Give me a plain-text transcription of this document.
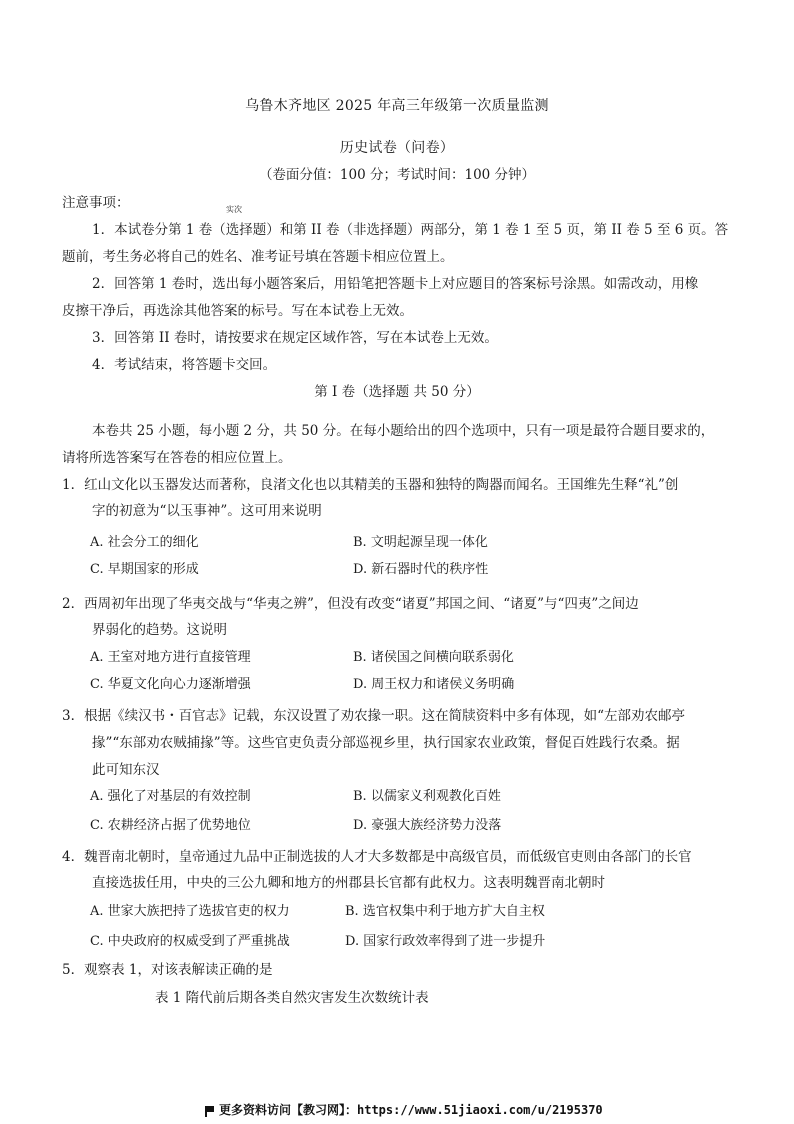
乌鲁木齐地区 2025 年高三年级第一次质量监测
历史试卷（问卷）
（卷面分值：100 分；考试时间：100 分钟）
注意事项：	实次
1．本试卷分第 1 卷（选择题）和第 II 卷（非选择题）两部分，第 1 卷 1 至 5 页，第 II 卷 5 至 6 页。答
题前，考生务必将自己的姓名、准考证号填在答题卡相应位置上。
2．回答第 1 卷时，选出每小题答案后，用铅笔把答题卡上对应题目的答案标号涂黑。如需改动，用橡
皮擦干净后，再选涂其他答案的标号。写在本试卷上无效。
3．回答第 II 卷时，请按要求在规定区域作答，写在本试卷上无效。
4．考试结束，将答题卡交回。
第 I 卷（选择题 共 50 分）
本卷共 25 小题，每小题 2 分，共 50 分。在每小题给出的四个选项中，只有一项是最符合题目要求的，
请将所选答案写在答卷的相应位置上。
1．红山文化以玉器发达而著称，良渚文化也以其精美的玉器和独特的陶器而闻名。王国维先生释“礼”创
字的初意为“以玉事神”。这可用来说明
A. 社会分工的细化	B. 文明起源呈现一体化
C. 早期国家的形成	D. 新石器时代的秩序性
2．西周初年出现了华夷交战与“华夷之辨”，但没有改变“诸夏”邦国之间、“诸夏”与“四夷”之间边
界弱化的趋势。这说明
A. 王室对地方进行直接管理	B. 诸侯国之间横向联系弱化
C. 华夏文化向心力逐渐增强	D. 周王权力和诸侯义务明确
3．根据《续汉书・百官志》记载，东汉设置了劝农掾一职。这在简牍资料中多有体现，如“左部劝农邮亭
掾”“东部劝农贼捕掾”等。这些官吏负责分部巡视乡里，执行国家农业政策，督促百姓践行农桑。据
此可知东汉
A. 强化了对基层的有效控制	B. 以儒家义利观教化百姓
C. 农耕经济占据了优势地位	D. 豪强大族经济势力没落
4．魏晋南北朝时，皇帝通过九品中正制选拔的人才大多数都是中高级官员，而低级官吏则由各部门的长官
直接选拔任用，中央的三公九卿和地方的州郡县长官都有此权力。这表明魏晋南北朝时
A. 世家大族把持了选拔官吏的权力	B. 选官权集中利于地方扩大自主权
C. 中央政府的权威受到了严重挑战	D. 国家行政效率得到了进一步提升
5．观察表 1，对该表解读正确的是
表 1 隋代前后期各类自然灾害发生次数统计表
更多资料访问【教习网】：https://www.51jiaoxi.com/u/2195370
